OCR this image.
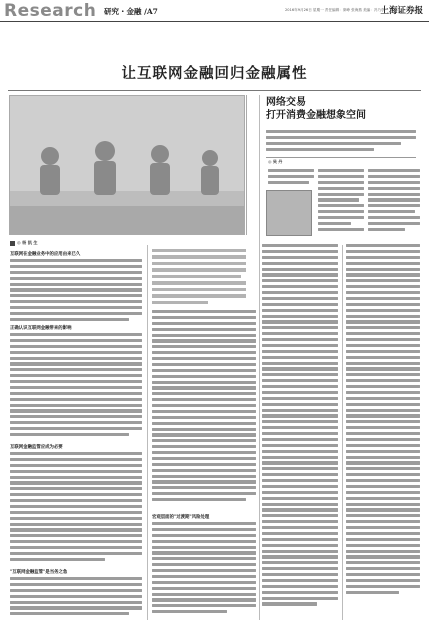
Research 研究・金融 /A7	2016年9月26日 星期一 责任编辑：廖峥 张海燕 美编：冯乃亭
上海证券报
让互联网金融回归金融属性
网络交易
打开消费金融想象空间
◎ 吴 丹
◎ 杨 凯 生
互联网在金融业务中的应用由来已久
正确认识互联网金融带来的影响
互联网金融监管应成为必要
"互联网金融监管"是当务之急
宏观层面的"过渡期"风险处理
